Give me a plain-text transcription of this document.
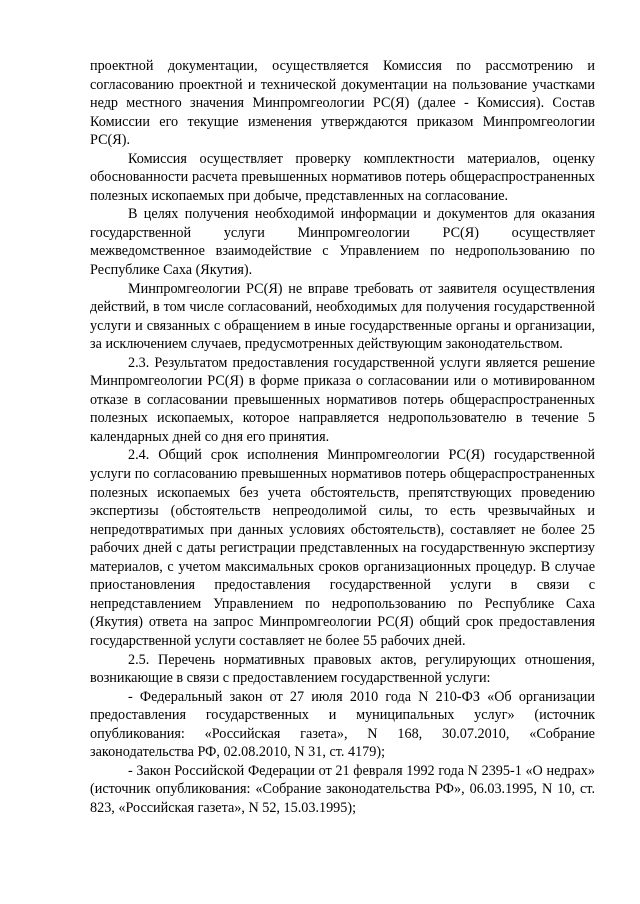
проектной документации, осуществляется Комиссия по рассмотрению и согласованию проектной и технической документации на пользование участками недр местного значения Минпромгеологии РС(Я) (далее - Комиссия). Состав Комиссии его текущие изменения утверждаются приказом Минпромгеологии РС(Я).

Комиссия осуществляет проверку комплектности материалов, оценку обоснованности расчета превышенных нормативов потерь общераспространенных полезных ископаемых при добыче, представленных на согласование.

В целях получения необходимой информации и документов для оказания государственной услуги Минпромгеологии РС(Я) осуществляет межведомственное взаимодействие с Управлением по недропользованию по Республике Саха (Якутия).

Минпромгеологии РС(Я) не вправе требовать от заявителя осуществления действий, в том числе согласований, необходимых для получения государственной услуги и связанных с обращением в иные государственные органы и организации, за исключением случаев, предусмотренных действующим законодательством.

2.3. Результатом предоставления государственной услуги является решение Минпромгеологии РС(Я) в форме приказа о согласовании или о мотивированном отказе в согласовании превышенных нормативов потерь общераспространенных полезных ископаемых, которое направляется недропользователю в течение 5 календарных дней со дня его принятия.

2.4. Общий срок исполнения Минпромгеологии РС(Я) государственной услуги по согласованию превышенных нормативов потерь общераспространенных полезных ископаемых без учета обстоятельств, препятствующих проведению экспертизы (обстоятельств непреодолимой силы, то есть чрезвычайных и непредотвратимых при данных условиях обстоятельств), составляет не более 25 рабочих дней с даты регистрации представленных на государственную экспертизу материалов, с учетом максимальных сроков организационных процедур. В случае приостановления предоставления государственной услуги в связи с непредставлением Управлением по недропользованию по Республике Саха (Якутия) ответа на запрос Минпромгеологии РС(Я) общий срок предоставления государственной услуги составляет не более 55 рабочих дней.

2.5. Перечень нормативных правовых актов, регулирующих отношения, возникающие в связи с предоставлением государственной услуги:

- Федеральный закон от 27 июля 2010 года N 210-ФЗ «Об организации предоставления государственных и муниципальных услуг» (источник опубликования: «Российская газета», N 168, 30.07.2010, «Собрание законодательства РФ, 02.08.2010, N 31, ст. 4179);

- Закон Российской Федерации от 21 февраля 1992 года N 2395-1 «О недрах» (источник опубликования: «Собрание законодательства РФ», 06.03.1995, N 10, ст. 823, «Российская газета», N 52, 15.03.1995);
